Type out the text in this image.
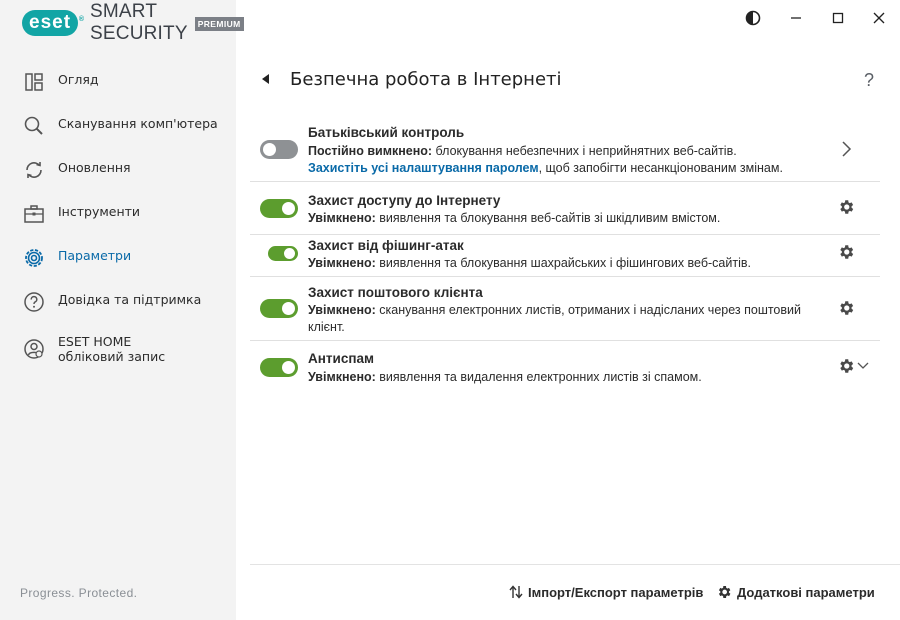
eset ® SMART SECURITY	PREMIUM
Огляд
Сканування комп'ютера
Оновлення
Інструменти
Параметри
Довідка та підтримка
ESET HOME обліковий запис
Progress. Protected.
Безпечна робота в Інтернеті	?
Батьківський контроль
Постійно вимкнено: блокування небезпечних і неприйнятних веб-сайтів.
Захистіть усі налаштування паролем, щоб запобігти несанкціонованим змінам.
Захист доступу до Інтернету
Увімкнено: виявлення та блокування веб-сайтів зі шкідливим вмістом.
Захист від фішинг-атак
Увімкнено: виявлення та блокування шахрайських і фішингових веб-сайтів.
Захист поштового клієнта
Увімкнено: сканування електронних листів, отриманих і надісланих через поштовий клієнт.
Антиспам
Увімкнено: виявлення та видалення електронних листів зі спамом.
Імпорт/Експорт параметрів	Додаткові параметри
